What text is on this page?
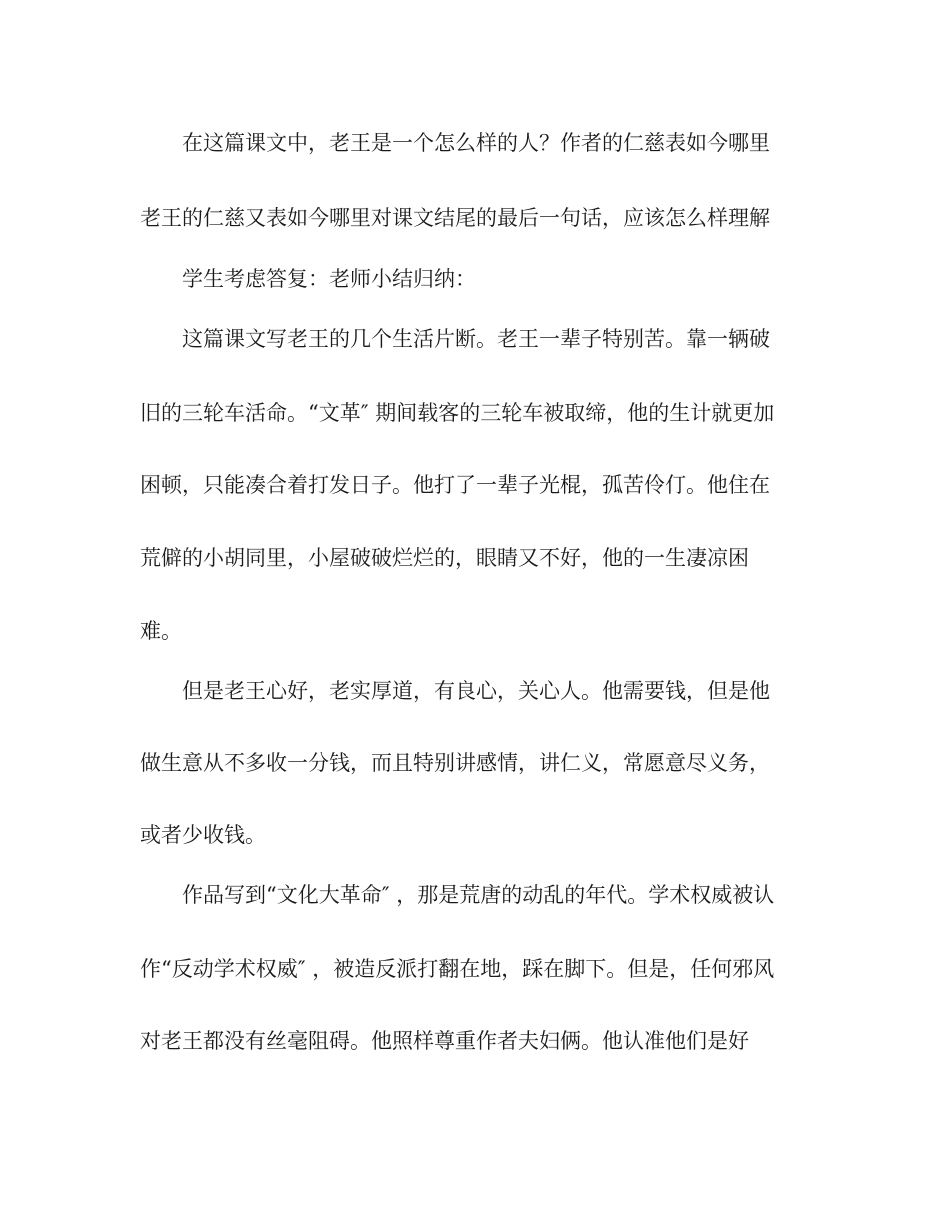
在这篇课文中，老王是一个怎么样的人？作者的仁慈表如今哪里
老王的仁慈又表如今哪里对课文结尾的最后一句话，应该怎么样理解
学生考虑答复：老师小结归纳：
这篇课文写老王的几个生活片断。老王一辈子特别苦。靠一辆破
旧的三轮车活命。“文革″ 期间载客的三轮车被取缔，他的生计就更加
困顿，只能凑合着打发日子。他打了一辈子光棍，孤苦伶仃。他住在
荒僻的小胡同里，小屋破破烂烂的，眼睛又不好，他的一生凄凉困
难。
但是老王心好，老实厚道，有良心，关心人。他需要钱，但是他
做生意从不多收一分钱，而且特别讲感情，讲仁义，常愿意尽义务，
或者少收钱。
作品写到“文化大革命″ ，那是荒唐的动乱的年代。学术权威被认
作“反动学术权威″ ，被造反派打翻在地，踩在脚下。但是，任何邪风
对老王都没有丝毫阻碍。他照样尊重作者夫妇俩。他认准他们是好
